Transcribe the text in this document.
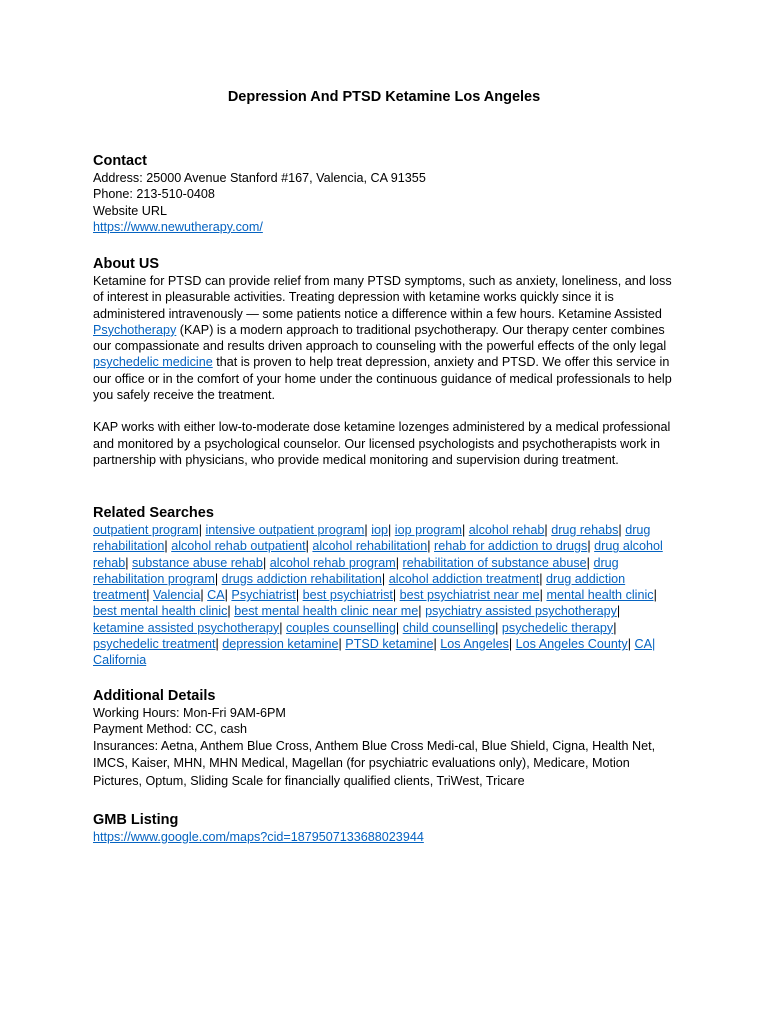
Depression And PTSD Ketamine Los Angeles
Contact

Address: 25000 Avenue Stanford #167, Valencia, CA 91355

Phone: 213-510-0408

Website URL

https://www.newutherapy.com/

About US

Ketamine for PTSD can provide relief from many PTSD symptoms, such as anxiety, loneliness, and loss of interest in pleasurable activities. Treating depression with ketamine works quickly since it is administered intravenously — some patients notice a difference within a few hours. Ketamine Assisted Psychotherapy (KAP) is a modern approach to traditional psychotherapy. Our therapy center combines our compassionate and results driven approach to counseling with the powerful effects of the only legal psychedelic medicine that is proven to help treat depression, anxiety and PTSD. We offer this service in our office or in the comfort of your home under the continuous guidance of medical professionals to help you safely receive the treatment.

KAP works with either low-to-moderate dose ketamine lozenges administered by a medical professional and monitored by a psychological counselor. Our licensed psychologists and psychotherapists work in partnership with physicians, who provide medical monitoring and supervision during treatment.

Related Searches
outpatient program| intensive outpatient program| iop| iop program| alcohol rehab| drug rehabs| drug rehabilitation| alcohol rehab outpatient| alcohol rehabilitation| rehab for addiction to drugs| drug alcohol rehab| substance abuse rehab| alcohol rehab program| rehabilitation of substance abuse| drug rehabilitation program| drugs addiction rehabilitation| alcohol addiction treatment| drug addiction treatment| Valencia| CA| Psychiatrist| best psychiatrist| best psychiatrist near me| mental health clinic| best mental health clinic| best mental health clinic near me| psychiatry assisted psychotherapy| ketamine assisted psychotherapy| couples counselling| child counselling| psychedelic therapy| psychedelic treatment| depression ketamine| PTSD ketamine| Los Angeles| Los Angeles County| CA| California
Additional Details

Working Hours: Mon-Fri 9AM-6PM

Payment Method: CC, cash

Insurances: Aetna, Anthem Blue Cross, Anthem Blue Cross Medi-cal, Blue Shield, Cigna, Health Net, IMCS, Kaiser, MHN, MHN Medical, Magellan (for psychiatric evaluations only), Medicare, Motion Pictures, Optum, Sliding Scale for financially qualified clients, TriWest, Tricare

GMB Listing

https://www.google.com/maps?cid=1879507133688023944
